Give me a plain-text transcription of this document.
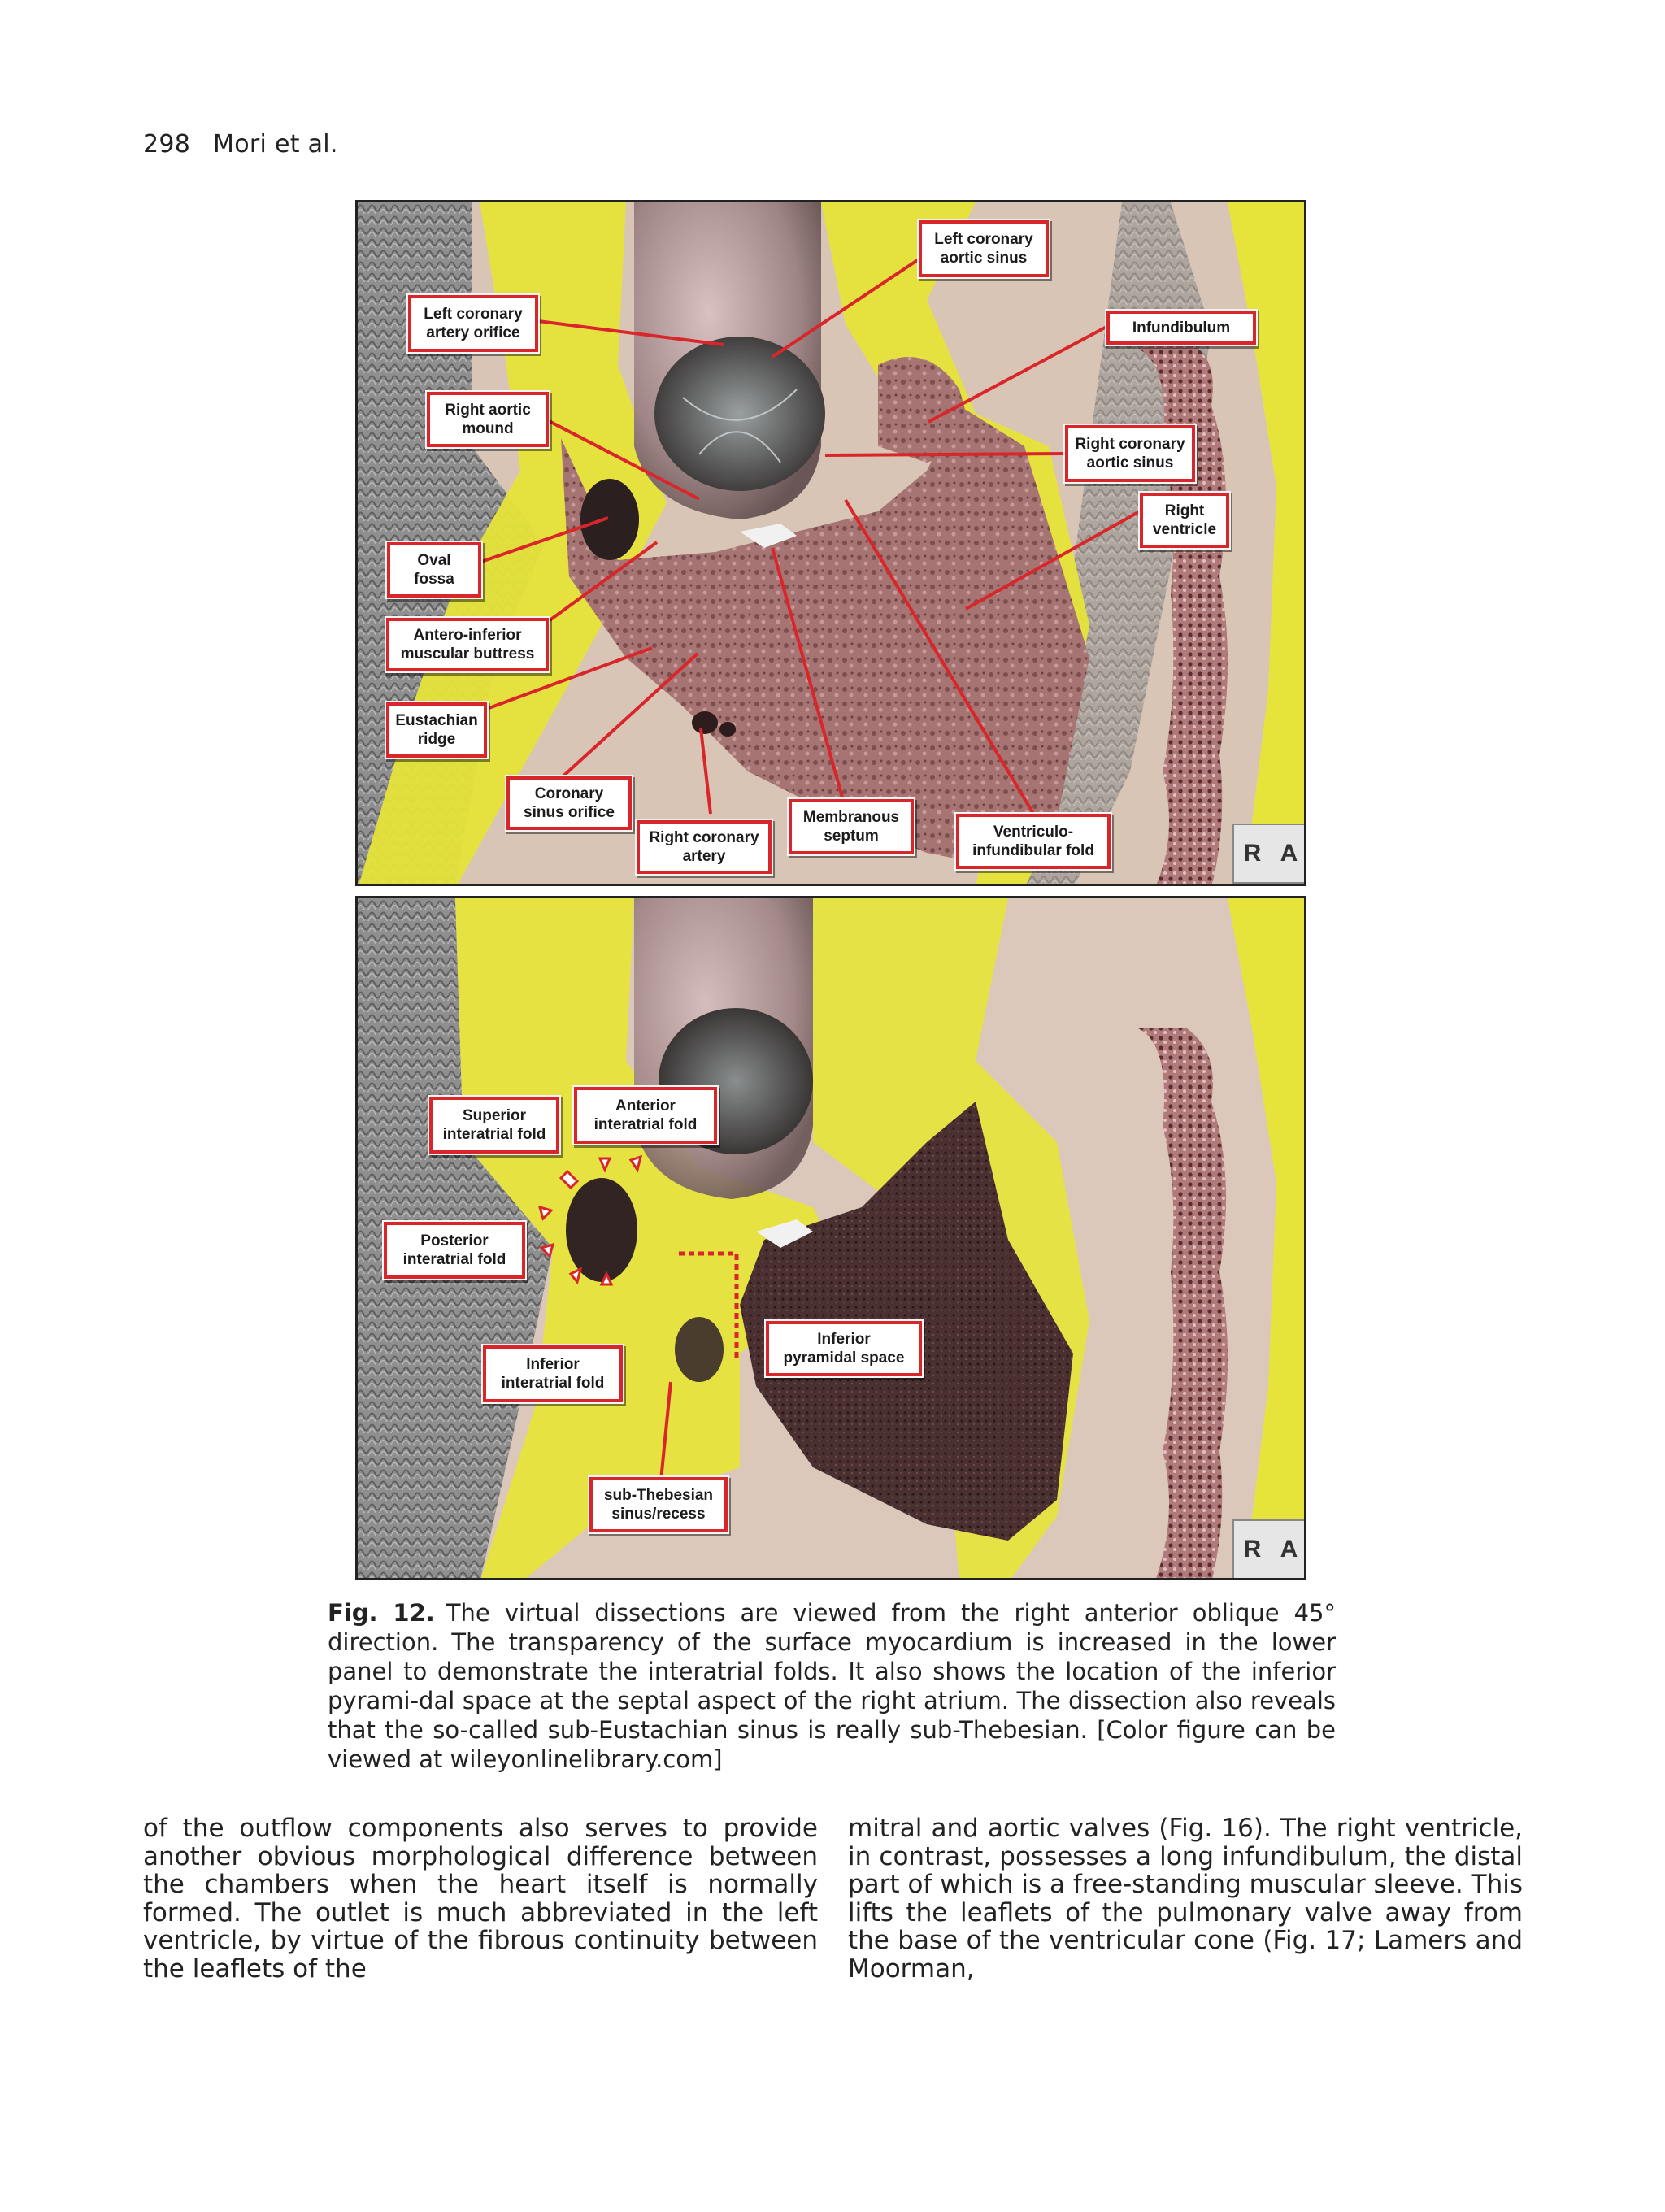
298 Mori et al.
Left coronary
aortic sinus
Left coronary
artery orifice	Infundibulum
Right aortic
mound
Right coronary
aortic sinus
Right
ventricle
Oval
fossa
Antero-inferior
muscular buttress
Eustachian
ridge
Coronary
sinus orifice	Membranous
septum
Right coronary
artery
Ventriculo-
infundibular fold	R A
Superior
interatrial fold
Anterior
interatrial fold
Posterior
interatrial fold
Inferior
pyramidal space
Inferior
interatrial fold
sub-Thebesian
sinus/recess
R A
Fig. 12. The virtual dissections are viewed from the right anterior oblique 45° direction. The transparency of the surface myocardium is increased in the lower panel to demonstrate the interatrial folds. It also shows the location of the inferior pyrami-dal space at the septal aspect of the right atrium. The dissection also reveals that the so-called sub-Eustachian sinus is really sub-Thebesian. [Color figure can be viewed at wileyonlinelibrary.com]
of the outflow components also serves to provide another obvious morphological difference between the chambers when the heart itself is normally formed. The outlet is much abbreviated in the left ventricle, by virtue of the fibrous continuity between the leaflets of the
mitral and aortic valves (Fig. 16). The right ventricle, in contrast, possesses a long infundibulum, the distal part of which is a free-standing muscular sleeve. This lifts the leaflets of the pulmonary valve away from the base of the ventricular cone (Fig. 17; Lamers and Moorman,
